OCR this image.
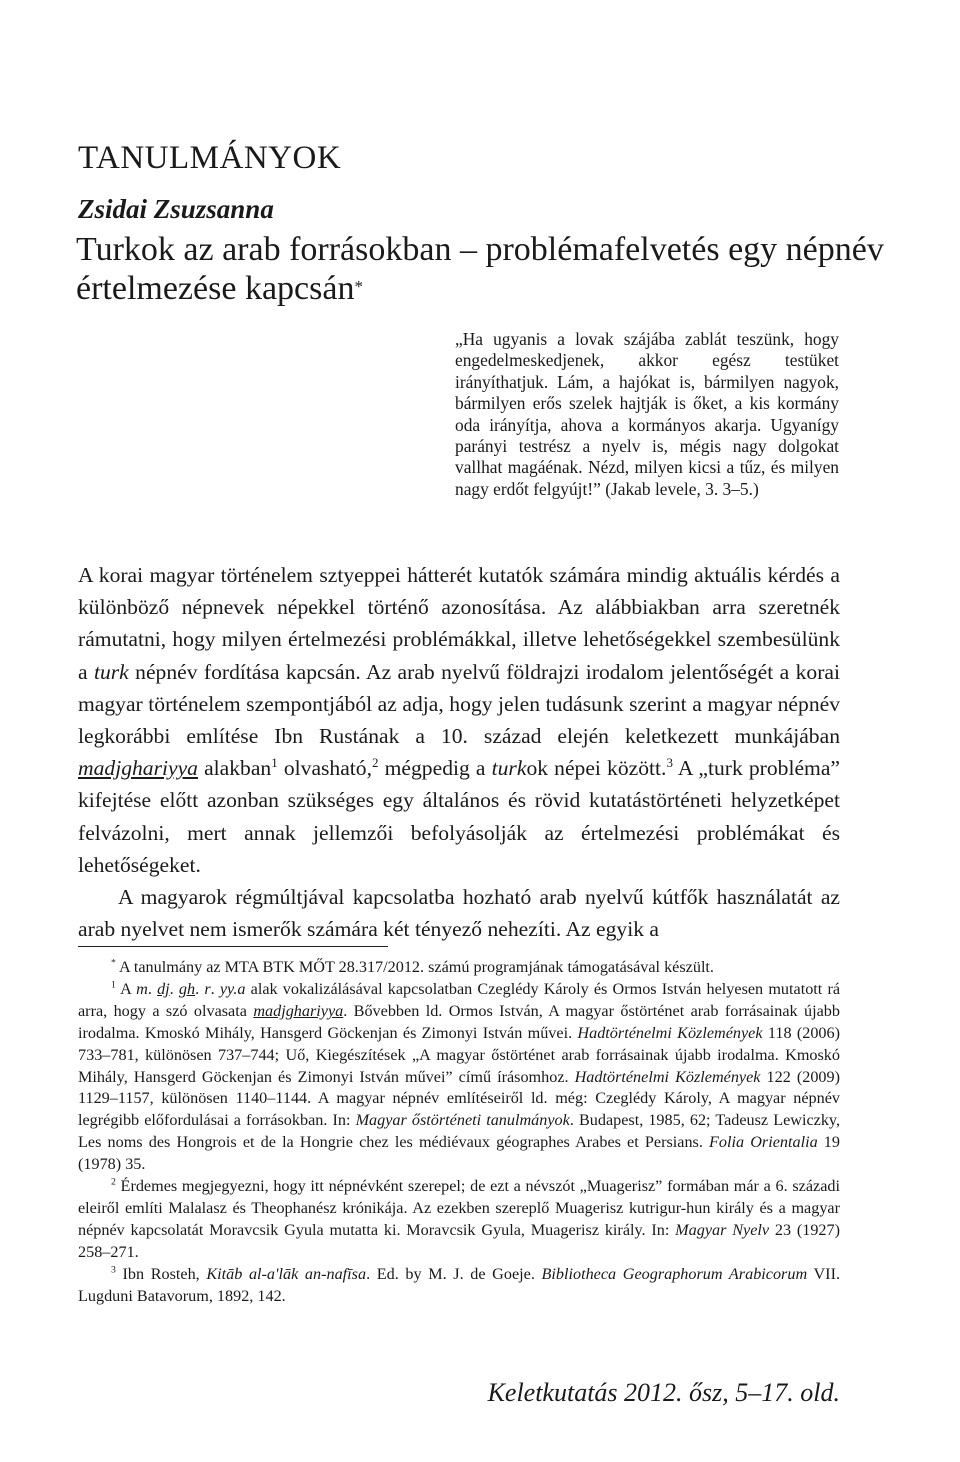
TANULMÁNYOK
Zsidai Zsuzsanna
Turkok az arab forrásokban – problémafelvetés egy népnév értelmezése kapcsán*
„Ha ugyanis a lovak szájába zablát teszünk, hogy engedelmeskedjenek, akkor egész testüket irányíthatjuk. Lám, a hajókat is, bármilyen nagyok, bármilyen erős szelek hajtják is őket, a kis kormány oda irányítja, ahova a kormányos akarja. Ugyanígy parányi testrész a nyelv is, mégis nagy dolgokat vallhat magáénak. Nézd, milyen kicsi a tűz, és milyen nagy erdőt felgyújt!” (Jakab levele, 3. 3–5.)

A korai magyar történelem sztyeppei hátterét kutatók számára mindig aktuális kérdés a különböző népnevek népekkel történő azonosítása. Az alábbiakban arra szeretnék rámutatni, hogy milyen értelmezési problémákkal, illetve lehetőségekkel szembesülünk a turk népnév fordítása kapcsán. Az arab nyelvű földrajzi irodalom jelentőségét a korai magyar történelem szempontjából az adja, hogy jelen tudásunk szerint a magyar népnév legkorábbi említése Ibn Rustának a 10. század elején keletkezett munkájában madjghariyya alakban$^1$ olvasható,$^2$ mégpedig a turkok népei között.$^3$ A „turk probléma” kifejtése előtt azonban szükséges egy általános és rövid kutatástörténeti helyzetképet felvázolni, mert annak jellemzői befolyásolják az értelmezési problémákat és lehetőségeket.

A magyarok régmúltjával kapcsolatba hozható arab nyelvű kútfők használatát az arab nyelvet nem ismerők számára két tényező nehezíti. Az egyik a

* A tanulmány az MTA BTK MŐT 28.317/2012. számú programjának támogatásával készült.

$^1$ A m. dj. gh. r. yy.a alak vokalizálásával kapcsolatban Czeglédy Károly és Ormos István helyesen mutatott rá arra, hogy a szó olvasata madjghariyya. Bővebben ld. Ormos István, A magyar őstörténet arab forrásainak újabb irodalma. Kmoskó Mihály, Hansgerd Göckenjan és Zimonyi István művei. Hadtörténelmi Közlemények 118 (2006) 733–781, különösen 737–744; Uő, Kiegészítések „A magyar őstörténet arab forrásainak újabb irodalma. Kmoskó Mihály, Hansgerd Göckenjan és Zimonyi István művei” című írásomhoz. Hadtörténelmi Közlemények 122 (2009) 1129–1157, különösen 1140–1144. A magyar népnév említéseiről ld. még: Czeglédy Károly, A magyar népnév legrégibb előfordulásai a forrásokban. In: Magyar őstörténeti tanulmányok. Budapest, 1985, 62; Tadeusz Lewiczky, Les noms des Hongrois et de la Hongrie chez les médiévaux géographes Arabes et Persians. Folia Orientalia 19 (1978) 35.

$^2$ Érdemes megjegyezni, hogy itt népnévként szerepel; de ezt a névszót „Muagerisz” formában már a 6. századi eleiről említi Malalasz és Theophanész krónikája. Az ezekben szereplő Muagerisz kutrigur-hun király és a magyar népnév kapcsolatát Moravcsik Gyula mutatta ki. Moravcsik Gyula, Muagerisz király. In: Magyar Nyelv 23 (1927) 258–271.

$^3$ Ibn Rosteh, Kitāb al-a'lāk an-nafīsa. Ed. by M. J. de Goeje. Bibliotheca Geographorum Arabicorum VII. Lugduni Batavorum, 1892, 142.

Keletkutatás 2012. ősz, 5–17. old.
